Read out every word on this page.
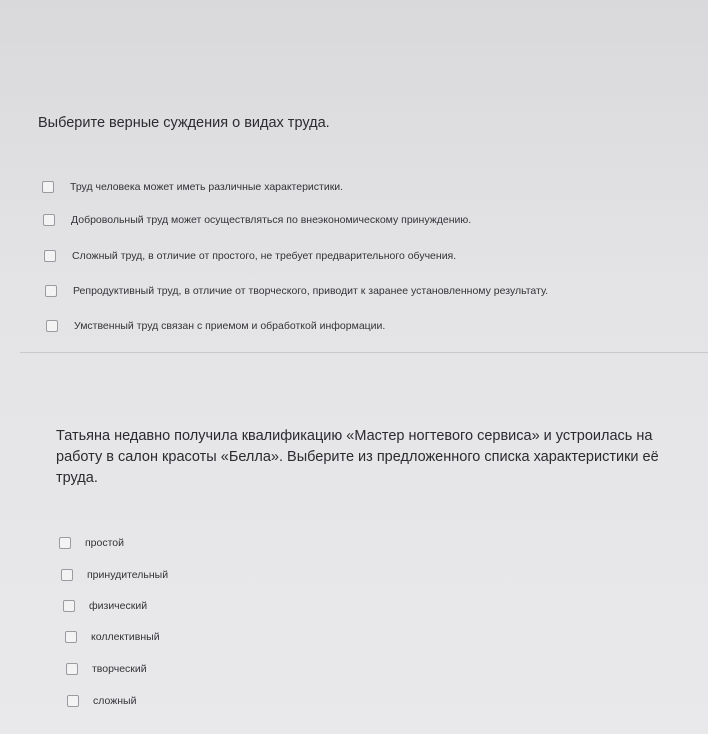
Выберите верные суждения о видах труда.
Труд человека может иметь различные характеристики.
Добровольный труд может осуществляться по внеэкономическому принуждению.
Сложный труд, в отличие от простого, не требует предварительного обучения.
Репродуктивный труд, в отличие от творческого, приводит к заранее установленному результату.
Умственный труд связан с приемом и обработкой информации.
Татьяна недавно получила квалификацию «Мастер ногтевого сервиса» и устроилась на работу в салон красоты «Белла». Выберите из предложенного списка характеристики её труда.
простой
принудительный
физический
коллективный
творческий
сложный
